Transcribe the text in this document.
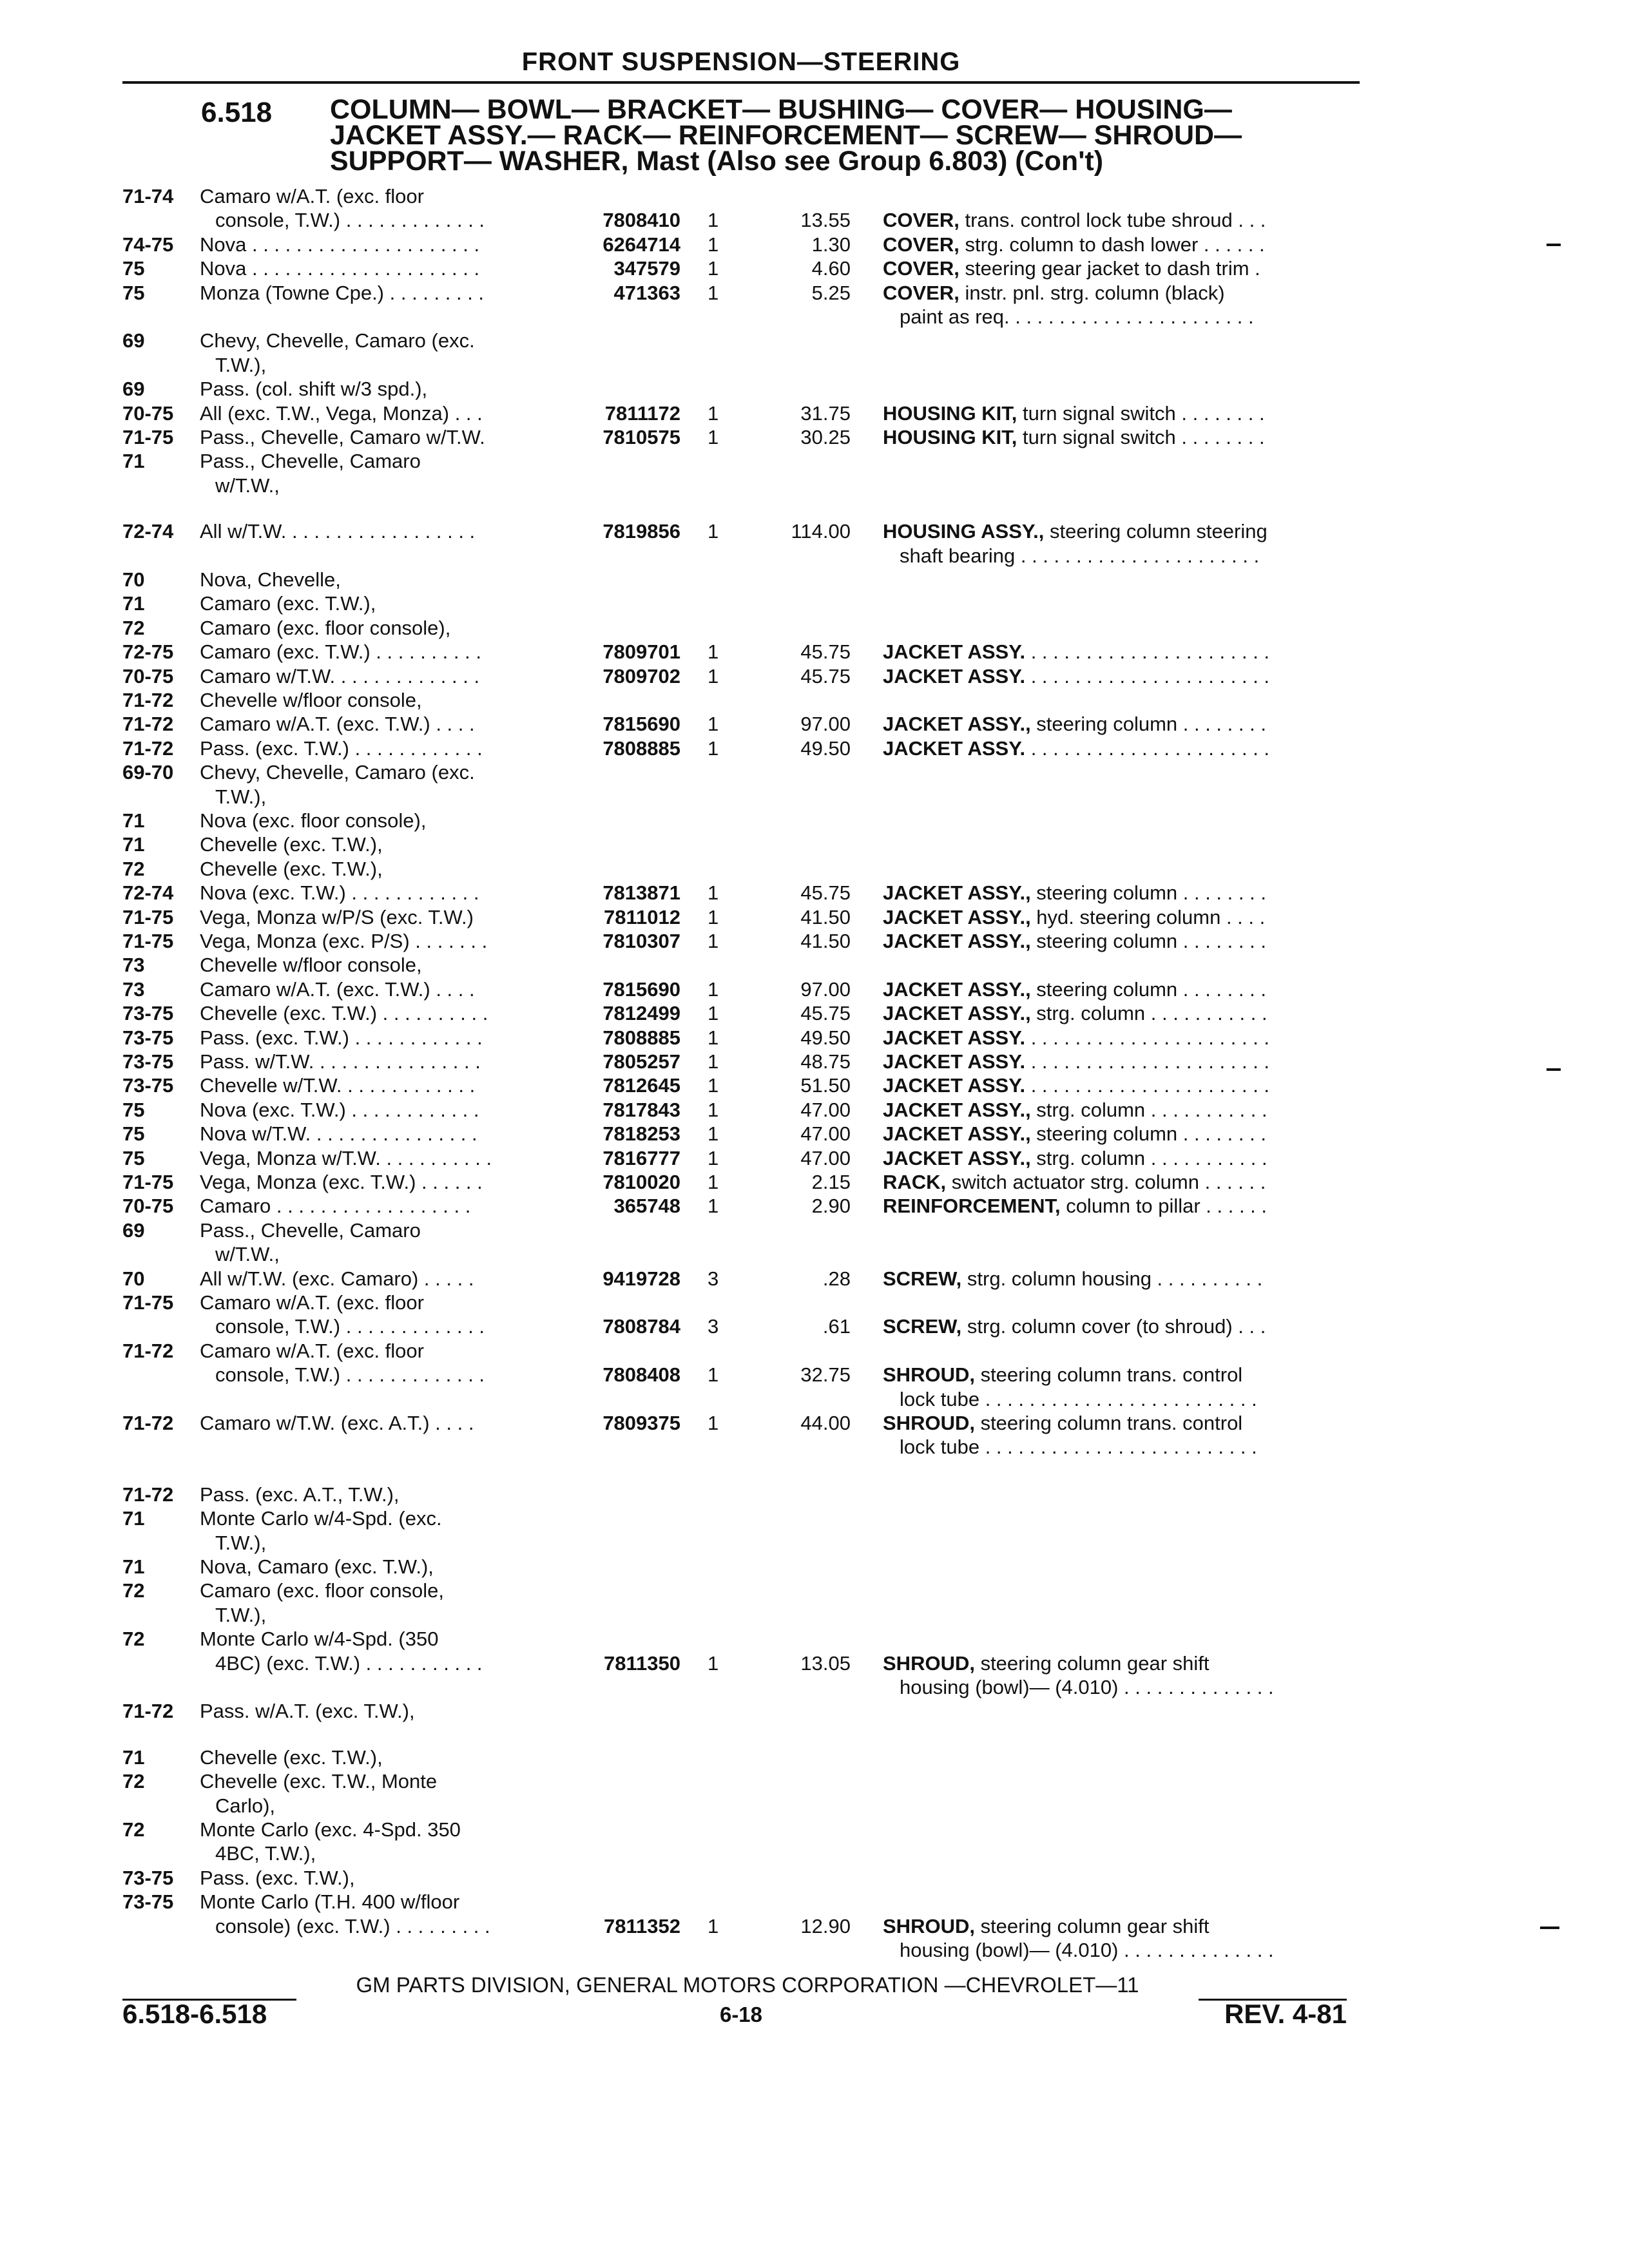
FRONT SUSPENSION—STEERING
6.518 COLUMN— BOWL— BRACKET— BUSHING— COVER— HOUSING—
JACKET ASSY.— RACK— REINFORCEMENT— SCREW— SHROUD—
SUPPORT— WASHER, Mast (Also see Group 6.803) (Con't)
71-74 Camaro w/A.T. (exc. floor
console, T.W.) . . . . . . . . . . . . .	7808410 1	13.55 COVER, trans. control lock tube shroud . . .
74-75 Nova . . . . . . . . . . . . . . . . . . . . .	6264714 1	1.30 COVER, strg. column to dash lower . . . . . .
75	Nova . . . . . . . . . . . . . . . . . . . . .	347579 1	4.60 COVER, steering gear jacket to dash trim .
75	Monza (Towne Cpe.) . . . . . . . . .	471363 1	5.25 COVER, instr. pnl. strg. column (black)
paint as req. . . . . . . . . . . . . . . . . . . . . . .
69	Chevy, Chevelle, Camaro (exc.
T.W.),
69	Pass. (col. shift w/3 spd.),
70-75 All (exc. T.W., Vega, Monza) . . .	7811172 1	31.75 HOUSING KIT, turn signal switch . . . . . . . .
71-75 Pass., Chevelle, Camaro w/T.W.	7810575 1	30.25 HOUSING KIT, turn signal switch . . . . . . . .
71	Pass., Chevelle, Camaro
w/T.W.,
72-74 All w/T.W. . . . . . . . . . . . . . . . . .	7819856 1	114.00 HOUSING ASSY., steering column steering
shaft bearing . . . . . . . . . . . . . . . . . . . . . .
70	Nova, Chevelle,
71	Camaro (exc. T.W.),
72	Camaro (exc. floor console),
72-75 Camaro (exc. T.W.) . . . . . . . . . .	7809701 1	45.75 JACKET ASSY. . . . . . . . . . . . . . . . . . . . . . .
70-75 Camaro w/T.W. . . . . . . . . . . . . .	7809702 1	45.75 JACKET ASSY. . . . . . . . . . . . . . . . . . . . . . .
71-72 Chevelle w/floor console,
71-72 Camaro w/A.T. (exc. T.W.) . . . .	7815690 1	97.00 JACKET ASSY., steering column . . . . . . . .
71-72 Pass. (exc. T.W.) . . . . . . . . . . . .	7808885 1	49.50 JACKET ASSY. . . . . . . . . . . . . . . . . . . . . . .
69-70 Chevy, Chevelle, Camaro (exc.
T.W.),
71	Nova (exc. floor console),
71	Chevelle (exc. T.W.),
72	Chevelle (exc. T.W.),
72-74 Nova (exc. T.W.) . . . . . . . . . . . .	7813871 1	45.75 JACKET ASSY., steering column . . . . . . . .
71-75 Vega, Monza w/P/S (exc. T.W.)	7811012 1	41.50 JACKET ASSY., hyd. steering column . . . .
71-75 Vega, Monza (exc. P/S) . . . . . . .	7810307 1	41.50 JACKET ASSY., steering column . . . . . . . .
73	Chevelle w/floor console,
73	Camaro w/A.T. (exc. T.W.) . . . .	7815690 1	97.00 JACKET ASSY., steering column . . . . . . . .
73-75 Chevelle (exc. T.W.) . . . . . . . . . .	7812499 1	45.75 JACKET ASSY., strg. column . . . . . . . . . . .
73-75 Pass. (exc. T.W.) . . . . . . . . . . . .	7808885 1	49.50 JACKET ASSY. . . . . . . . . . . . . . . . . . . . . . .
73-75 Pass. w/T.W. . . . . . . . . . . . . . . .	7805257 1	48.75 JACKET ASSY. . . . . . . . . . . . . . . . . . . . . . .
73-75 Chevelle w/T.W. . . . . . . . . . . . .	7812645 1	51.50 JACKET ASSY. . . . . . . . . . . . . . . . . . . . . . .
75	Nova (exc. T.W.) . . . . . . . . . . . .	7817843 1	47.00 JACKET ASSY., strg. column . . . . . . . . . . .
75	Nova w/T.W. . . . . . . . . . . . . . . .	7818253 1	47.00 JACKET ASSY., steering column . . . . . . . .
75	Vega, Monza w/T.W. . . . . . . . . . .	7816777 1	47.00 JACKET ASSY., strg. column . . . . . . . . . . .
71-75 Vega, Monza (exc. T.W.) . . . . . .	7810020 1	2.15 RACK, switch actuator strg. column . . . . . .
70-75 Camaro . . . . . . . . . . . . . . . . . .	365748 1	2.90 REINFORCEMENT, column to pillar . . . . . .
69	Pass., Chevelle, Camaro
w/T.W.,
70	All w/T.W. (exc. Camaro) . . . . .	9419728 3	.28 SCREW, strg. column housing . . . . . . . . . .
71-75 Camaro w/A.T. (exc. floor
console, T.W.) . . . . . . . . . . . . .	7808784 3	.61 SCREW, strg. column cover (to shroud) . . .
71-72 Camaro w/A.T. (exc. floor
console, T.W.) . . . . . . . . . . . . .	7808408 1	32.75 SHROUD, steering column trans. control
lock tube . . . . . . . . . . . . . . . . . . . . . . . . .
71-72 Camaro w/T.W. (exc. A.T.) . . . .	7809375 1	44.00 SHROUD, steering column trans. control
lock tube . . . . . . . . . . . . . . . . . . . . . . . . .
71-72 Pass. (exc. A.T., T.W.),
71	Monte Carlo w/4-Spd. (exc.
T.W.),
71	Nova, Camaro (exc. T.W.),
72	Camaro (exc. floor console,
T.W.),
72	Monte Carlo w/4-Spd. (350
4BC) (exc. T.W.) . . . . . . . . . . .	7811350 1	13.05 SHROUD, steering column gear shift
housing (bowl)— (4.010) . . . . . . . . . . . . . .
71-72 Pass. w/A.T. (exc. T.W.),
71	Chevelle (exc. T.W.),
72	Chevelle (exc. T.W., Monte
Carlo),
72	Monte Carlo (exc. 4-Spd. 350
4BC, T.W.),
73-75 Pass. (exc. T.W.),
73-75 Monte Carlo (T.H. 400 w/floor
console) (exc. T.W.) . . . . . . . . .	7811352 1	12.90 SHROUD, steering column gear shift
housing (bowl)— (4.010) . . . . . . . . . . . . . .
GM PARTS DIVISION, GENERAL MOTORS CORPORATION —CHEVROLET—11
6.518-6.518	6-18	REV. 4-81
